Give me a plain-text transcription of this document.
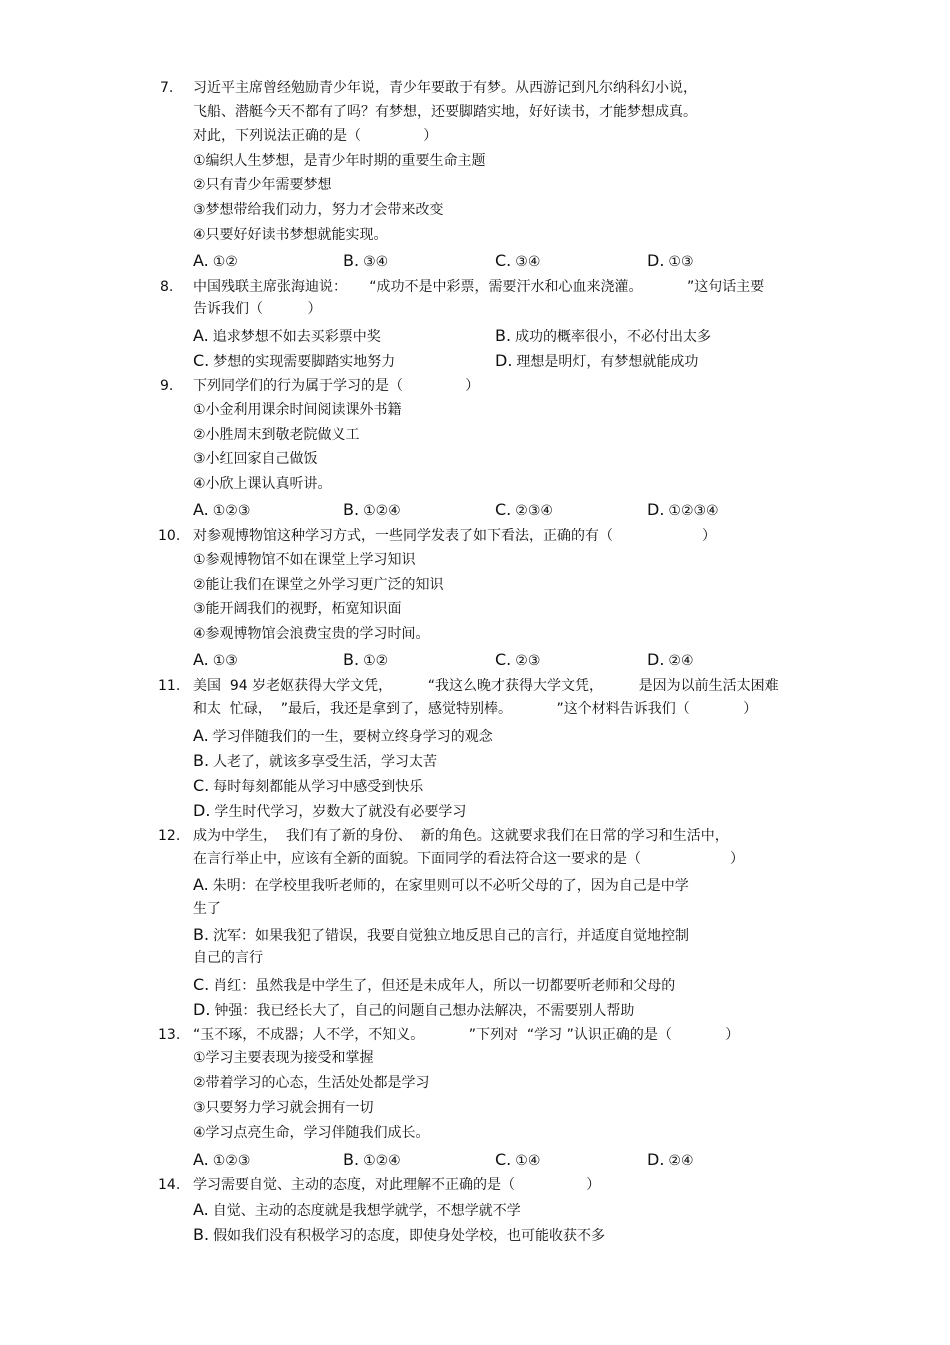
7. 习近平主席曾经勉励青少年说，青少年要敢于有梦。从西游记到凡尔纳科幻小说，
飞船、潜艇今天不都有了吗？有梦想，还要脚踏实地，好好读书，才能梦想成真。
对此，下列说法正确的是（              ）
①编织人生梦想，是青少年时期的重要生命主题
②只有青少年需要梦想
③梦想带给我们动力，努力才会带来改变
④只要好好读书梦想就能实现。
A. ①②	B. ③④	C. ③④	D. ①③
8. 中国残联主席张海迪说：     “成功不是中彩票，需要汗水和心血来浇灌。          ”这句话主要
告诉我们（          ）
A. 追求梦想不如去买彩票中奖	B. 成功的概率很小，不必付出太多
C. 梦想的实现需要脚踏实地努力	D. 理想是明灯，有梦想就能成功
9. 下列同学们的行为属于学习的是（              ）
①小金利用课余时间阅读课外书籍
②小胜周末到敬老院做义工
③小红回家自己做饭
④小欣上课认真听讲。
A. ①②③	B. ①②④	C. ②③④	D. ①②③④
10. 对参观博物馆这种学习方式，一些同学发表了如下看法，正确的有（                    ）
①参观博物馆不如在课堂上学习知识
②能让我们在课堂之外学习更广泛的知识
③能开阔我们的视野，柘宽知识面
④参观博物馆会浪费宝贵的学习时间。
A. ①③	B. ①②	C. ②③	D. ②④
11. 美国  94 岁老妪获得大学文凭，        “我这么晚才获得大学文凭，        是因为以前生活太困难
和太  忙碌，  ”最后，我还是拿到了，感觉特别棒。          ”这个材料告诉我们（            ）
A. 学习伴随我们的一生，要树立终身学习的观念
B. 人老了，就该多享受生活，学习太苦
C. 每时每刻都能从学习中感受到快乐
D. 学生时代学习，岁数大了就没有必要学习
12. 成为中学生，  我们有了新的身份、  新的角色。这就要求我们在日常的学习和生活中，
在言行举止中，应该有全新的面貌。下面同学的看法符合这一要求的是（                    ）
A. 朱明：在学校里我听老师的，在家里则可以不必听父母的了，因为自己是中学
生了
B. 沈军：如果我犯了错误，我要自觉独立地反思自己的言行，并适度自觉地控制
自己的言行
C. 肖红：虽然我是中学生了，但还是未成年人，所以一切都要听老师和父母的
D. 钟强：我已经长大了，自己的问题自己想办法解决，不需要别人帮助
13. “玉不琢，不成器；人不学，不知义。          ”下列对  “学习 ”认识正确的是（            ）
①学习主要表现为接受和掌握
②带着学习的心态，生活处处都是学习
③只要努力学习就会拥有一切
④学习点亮生命，学习伴随我们成长。
A. ①②③	B. ①②④	C. ①④	D. ②④
14. 学习需要自觉、主动的态度，对此理解不正确的是（                ）
A. 自觉、主动的态度就是我想学就学，不想学就不学
B. 假如我们没有积极学习的态度，即使身处学校，也可能收获不多
